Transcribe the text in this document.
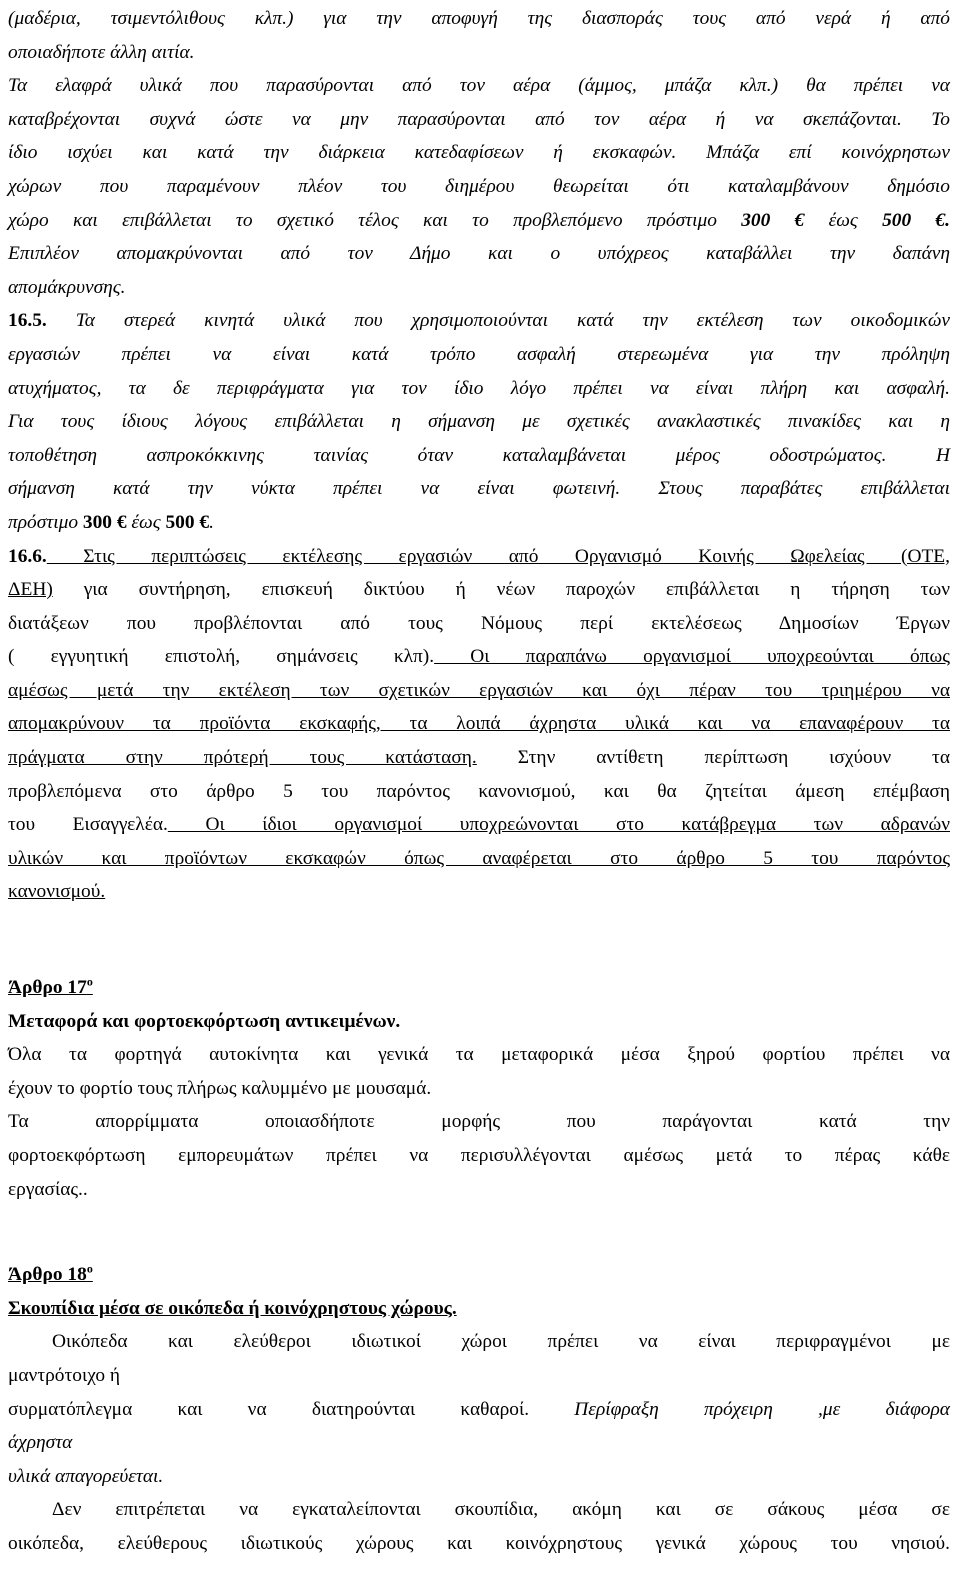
(μαδέρια, τσιμεντόλιθους κλπ.) για την αποφυγή της διασποράς τους από νερά ή από

οποιαδήποτε άλλη αιτία.

Τα ελαφρά υλικά που παρασύρονται από τον αέρα (άμμος, μπάζα κλπ.) θα πρέπει να

καταβρέχονται συχνά ώστε να μην παρασύρονται από τον αέρα ή να σκεπάζονται. Το

ίδιο ισχύει και κατά την διάρκεια κατεδαφίσεων ή εκσκαφών. Μπάζα επί κοινόχρηστων

χώρων που παραμένουν πλέον του διημέρου θεωρείται ότι καταλαμβάνουν δημόσιο

χώρο και επιβάλλεται το σχετικό τέλος και το προβλεπόμενο πρόστιμο 300 € έως 500 €.

Επιπλέον απομακρύνονται από τον Δήμο και ο υπόχρεος καταβάλλει την δαπάνη

απομάκρυνσης.

16.5. Τα στερεά κινητά υλικά που χρησιμοποιούνται κατά την εκτέλεση των οικοδομικών

εργασιών πρέπει να είναι κατά τρόπο ασφαλή στερεωμένα για την πρόληψη

ατυχήματος, τα δε περιφράγματα για τον ίδιο λόγο πρέπει να είναι πλήρη και ασφαλή.

Για τους ίδιους λόγους επιβάλλεται η σήμανση με σχετικές ανακλαστικές πινακίδες και η

τοποθέτηση ασπροκόκκινης ταινίας όταν καταλαμβάνεται μέρος οδοστρώματος. Η

σήμανση κατά την νύκτα πρέπει να είναι φωτεινή. Στους παραβάτες επιβάλλεται

πρόστιμο 300 € έως 500 €.

16.6. Στις περιπτώσεις εκτέλεσης εργασιών από Οργανισμό Κοινής Ωφελείας (ΟΤΕ,

ΔΕΗ) για συντήρηση, επισκευή δικτύου ή νέων παροχών επιβάλλεται η τήρηση των

διατάξεων που προβλέπονται από τους Νόμους περί εκτελέσεως Δημοσίων Έργων

( εγγυητική επιστολή, σημάνσεις κλπ). Οι παραπάνω οργανισμοί υποχρεούνται όπως

αμέσως μετά την εκτέλεση των σχετικών εργασιών και όχι πέραν του τριημέρου να

απομακρύνουν τα προϊόντα εκσκαφής, τα λοιπά άχρηστα υλικά και να επαναφέρουν τα

πράγματα στην πρότερή τους κατάσταση. Στην αντίθετη περίπτωση ισχύουν τα

προβλεπόμενα στο άρθρο 5 του παρόντος κανονισμού, και θα ζητείται άμεση επέμβαση

του Εισαγγελέα. Οι ίδιοι οργανισμοί υποχρεώνονται στο κατάβρεγμα των αδρανών

υλικών και προϊόντων εκσκαφών όπως αναφέρεται στο άρθρο 5 του παρόντος

κανονισμού.

Άρθρο $17^o$

Μεταφορά και φορτοεκφόρτωση αντικειμένων.

Όλα τα φορτηγά αυτοκίνητα και γενικά τα μεταφορικά μέσα ξηρού φορτίου πρέπει να

έχουν το φορτίο τους πλήρως καλυμμένο με μουσαμά.

Τα απορρίμματα οποιασδήποτε μορφής που παράγονται κατά την

φορτοεκφόρτωση εμπορευμάτων πρέπει να περισυλλέγονται αμέσως μετά το πέρας κάθε

εργασίας..

Άρθρο $18^o$

Σκουπίδια μέσα σε οικόπεδα ή κοινόχρηστους χώρους.

Οικόπεδα και ελεύθεροι ιδιωτικοί χώροι πρέπει να είναι περιφραγμένοι με

μαντρότοιχο ή

συρματόπλεγμα και να διατηρούνται καθαροί. Περίφραξη πρόχειρη ,με διάφορα

άχρηστα

υλικά απαγορεύεται.

Δεν επιτρέπεται να εγκαταλείπονται σκουπίδια, ακόμη και σε σάκους μέσα σε

οικόπεδα, ελεύθερους ιδιωτικούς χώρους και κοινόχρηστους γενικά χώρους του νησιού.
